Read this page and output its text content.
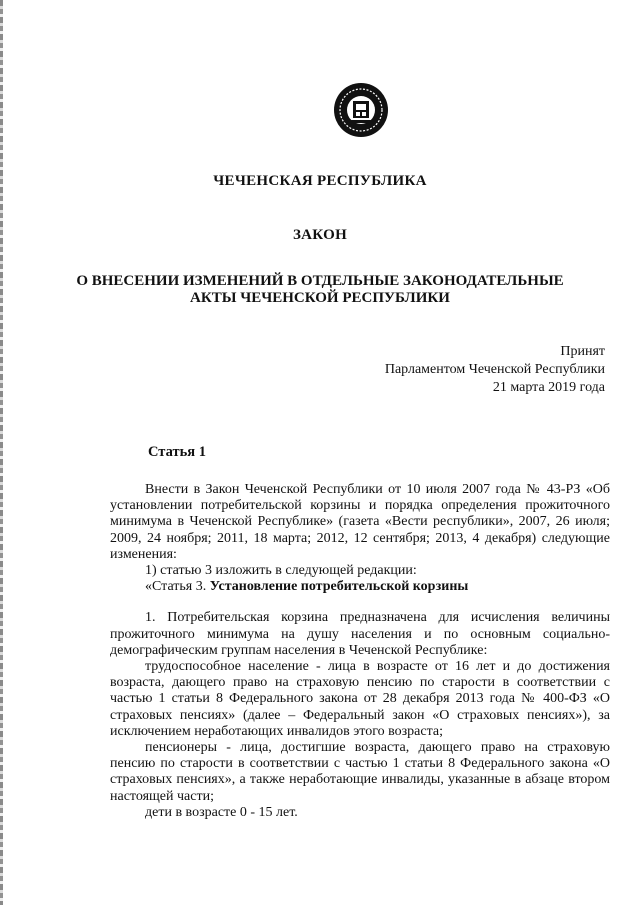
ЧЕЧЕНСКАЯ РЕСПУБЛИКА
ЗАКОН
О ВНЕСЕНИИ ИЗМЕНЕНИЙ В ОТДЕЛЬНЫЕ ЗАКОНОДАТЕЛЬНЫЕ
АКТЫ ЧЕЧЕНСКОЙ РЕСПУБЛИКИ
Принят
Парламентом Чеченской Республики
21 марта 2019 года
Статья 1

Внести в Закон Чеченской Республики от 10 июля 2007 года № 43-РЗ «Об установлении потребительской корзины и порядка определения прожиточного минимума в Чеченской Республике» (газета «Вести республики», 2007, 26 июля; 2009, 24 ноября; 2011, 18 марта; 2012, 12 сентября; 2013, 4 декабря) следующие изменения:

1) статью 3 изложить в следующей редакции:

«Статья 3. Установление потребительской корзины

1. Потребительская корзина предназначена для исчисления величины прожиточного минимума на душу населения и по основным социально-демографическим группам населения в Чеченской Республике:

трудоспособное население - лица в возрасте от 16 лет и до достижения возраста, дающего право на страховую пенсию по старости в соответствии с частью 1 статьи 8 Федерального закона от 28 декабря 2013 года № 400-ФЗ «О страховых пенсиях» (далее – Федеральный закон «О страховых пенсиях»), за исключением неработающих инвалидов этого возраста;

пенсионеры - лица, достигшие возраста, дающего право на страховую пенсию по старости в соответствии с частью 1 статьи 8 Федерального закона «О страховых пенсиях», а также неработающие инвалиды, указанные в абзаце втором настоящей части;

дети в возрасте 0 - 15 лет.
